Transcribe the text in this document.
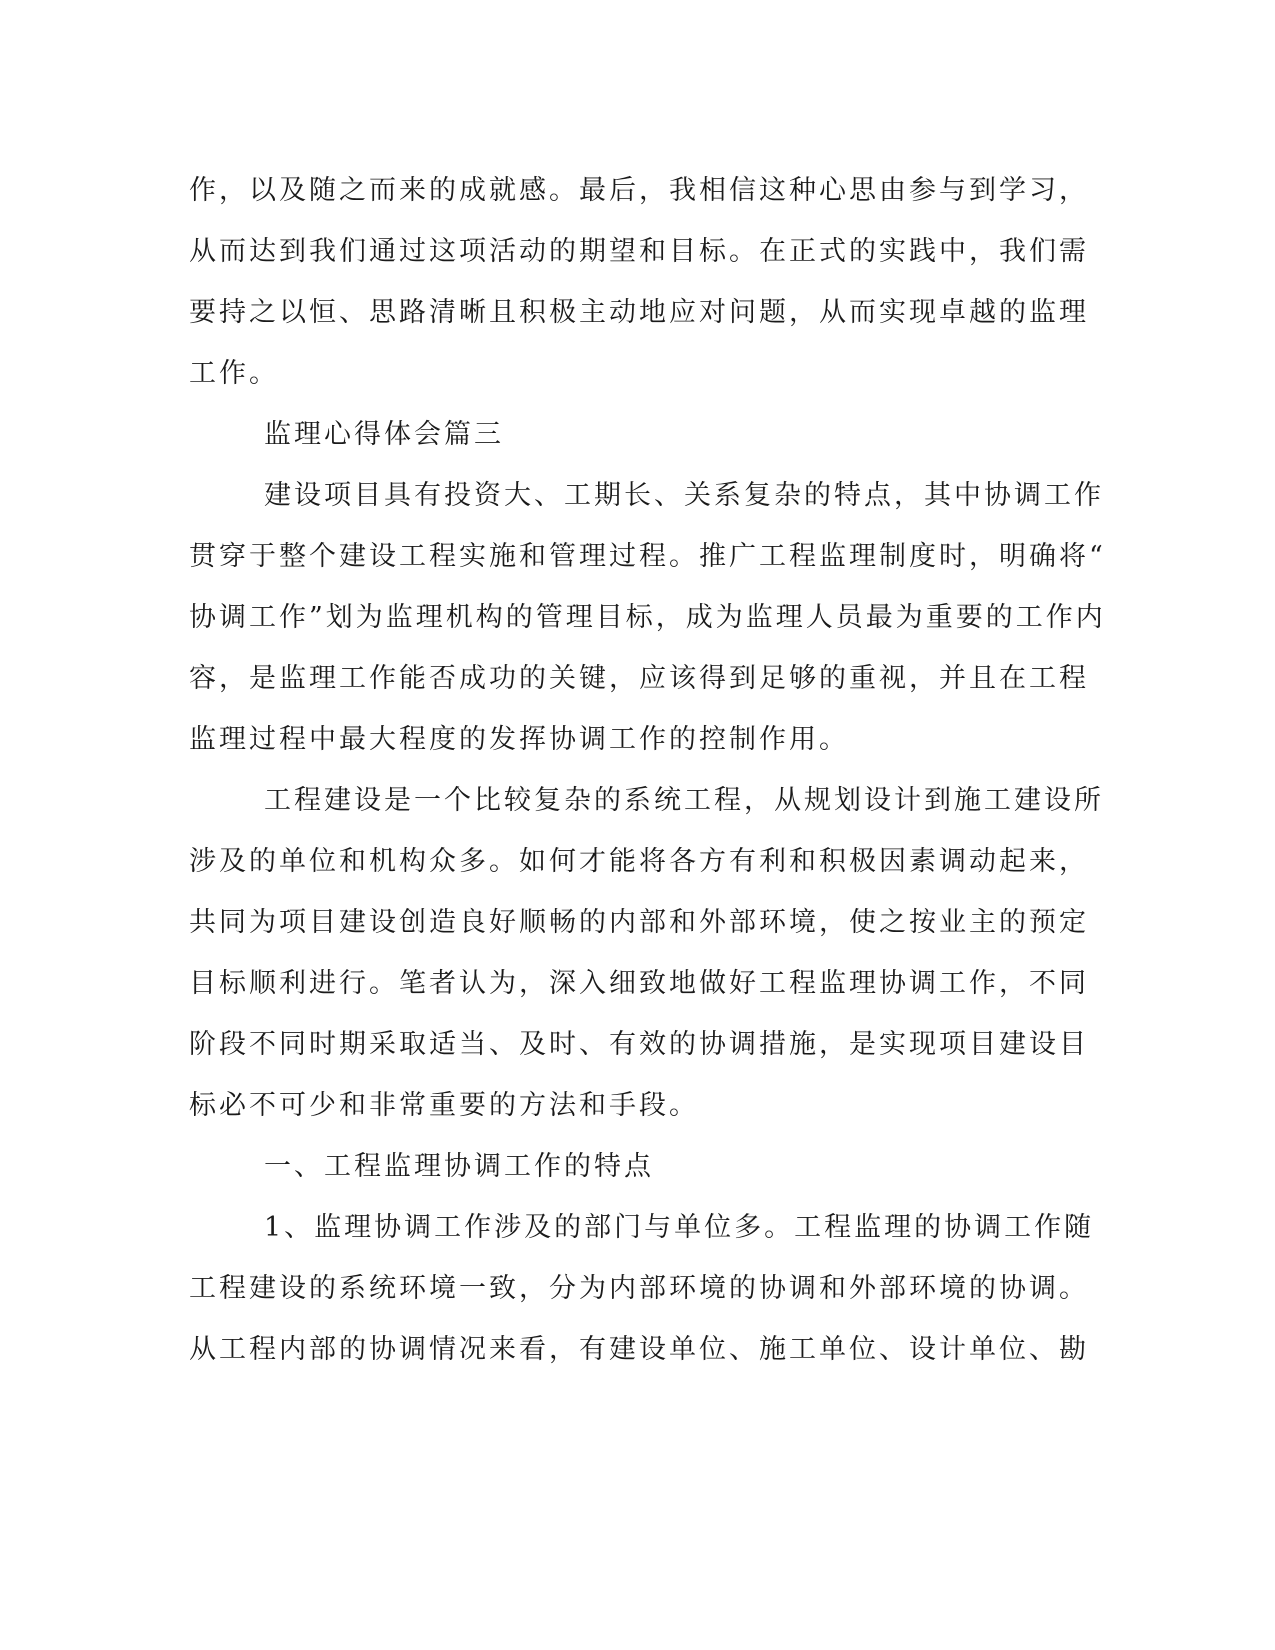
作，以及随之而来的成就感。最后，我相信这种心思由参与到学习，
从而达到我们通过这项活动的期望和目标。在正式的实践中，我们需
要持之以恒、思路清晰且积极主动地应对问题，从而实现卓越的监理
工作。
监理心得体会篇三
建设项目具有投资大、工期长、关系复杂的特点，其中协调工作
贯穿于整个建设工程实施和管理过程。推广工程监理制度时，明确将“
协调工作”划为监理机构的管理目标，成为监理人员最为重要的工作内
容，是监理工作能否成功的关键，应该得到足够的重视，并且在工程
监理过程中最大程度的发挥协调工作的控制作用。
工程建设是一个比较复杂的系统工程，从规划设计到施工建设所
涉及的单位和机构众多。如何才能将各方有利和积极因素调动起来，
共同为项目建设创造良好顺畅的内部和外部环境，使之按业主的预定
目标顺利进行。笔者认为，深入细致地做好工程监理协调工作，不同
阶段不同时期采取适当、及时、有效的协调措施，是实现项目建设目
标必不可少和非常重要的方法和手段。
一、工程监理协调工作的特点
1、监理协调工作涉及的部门与单位多。工程监理的协调工作随
工程建设的系统环境一致，分为内部环境的协调和外部环境的协调。
从工程内部的协调情况来看，有建设单位、施工单位、设计单位、勘
